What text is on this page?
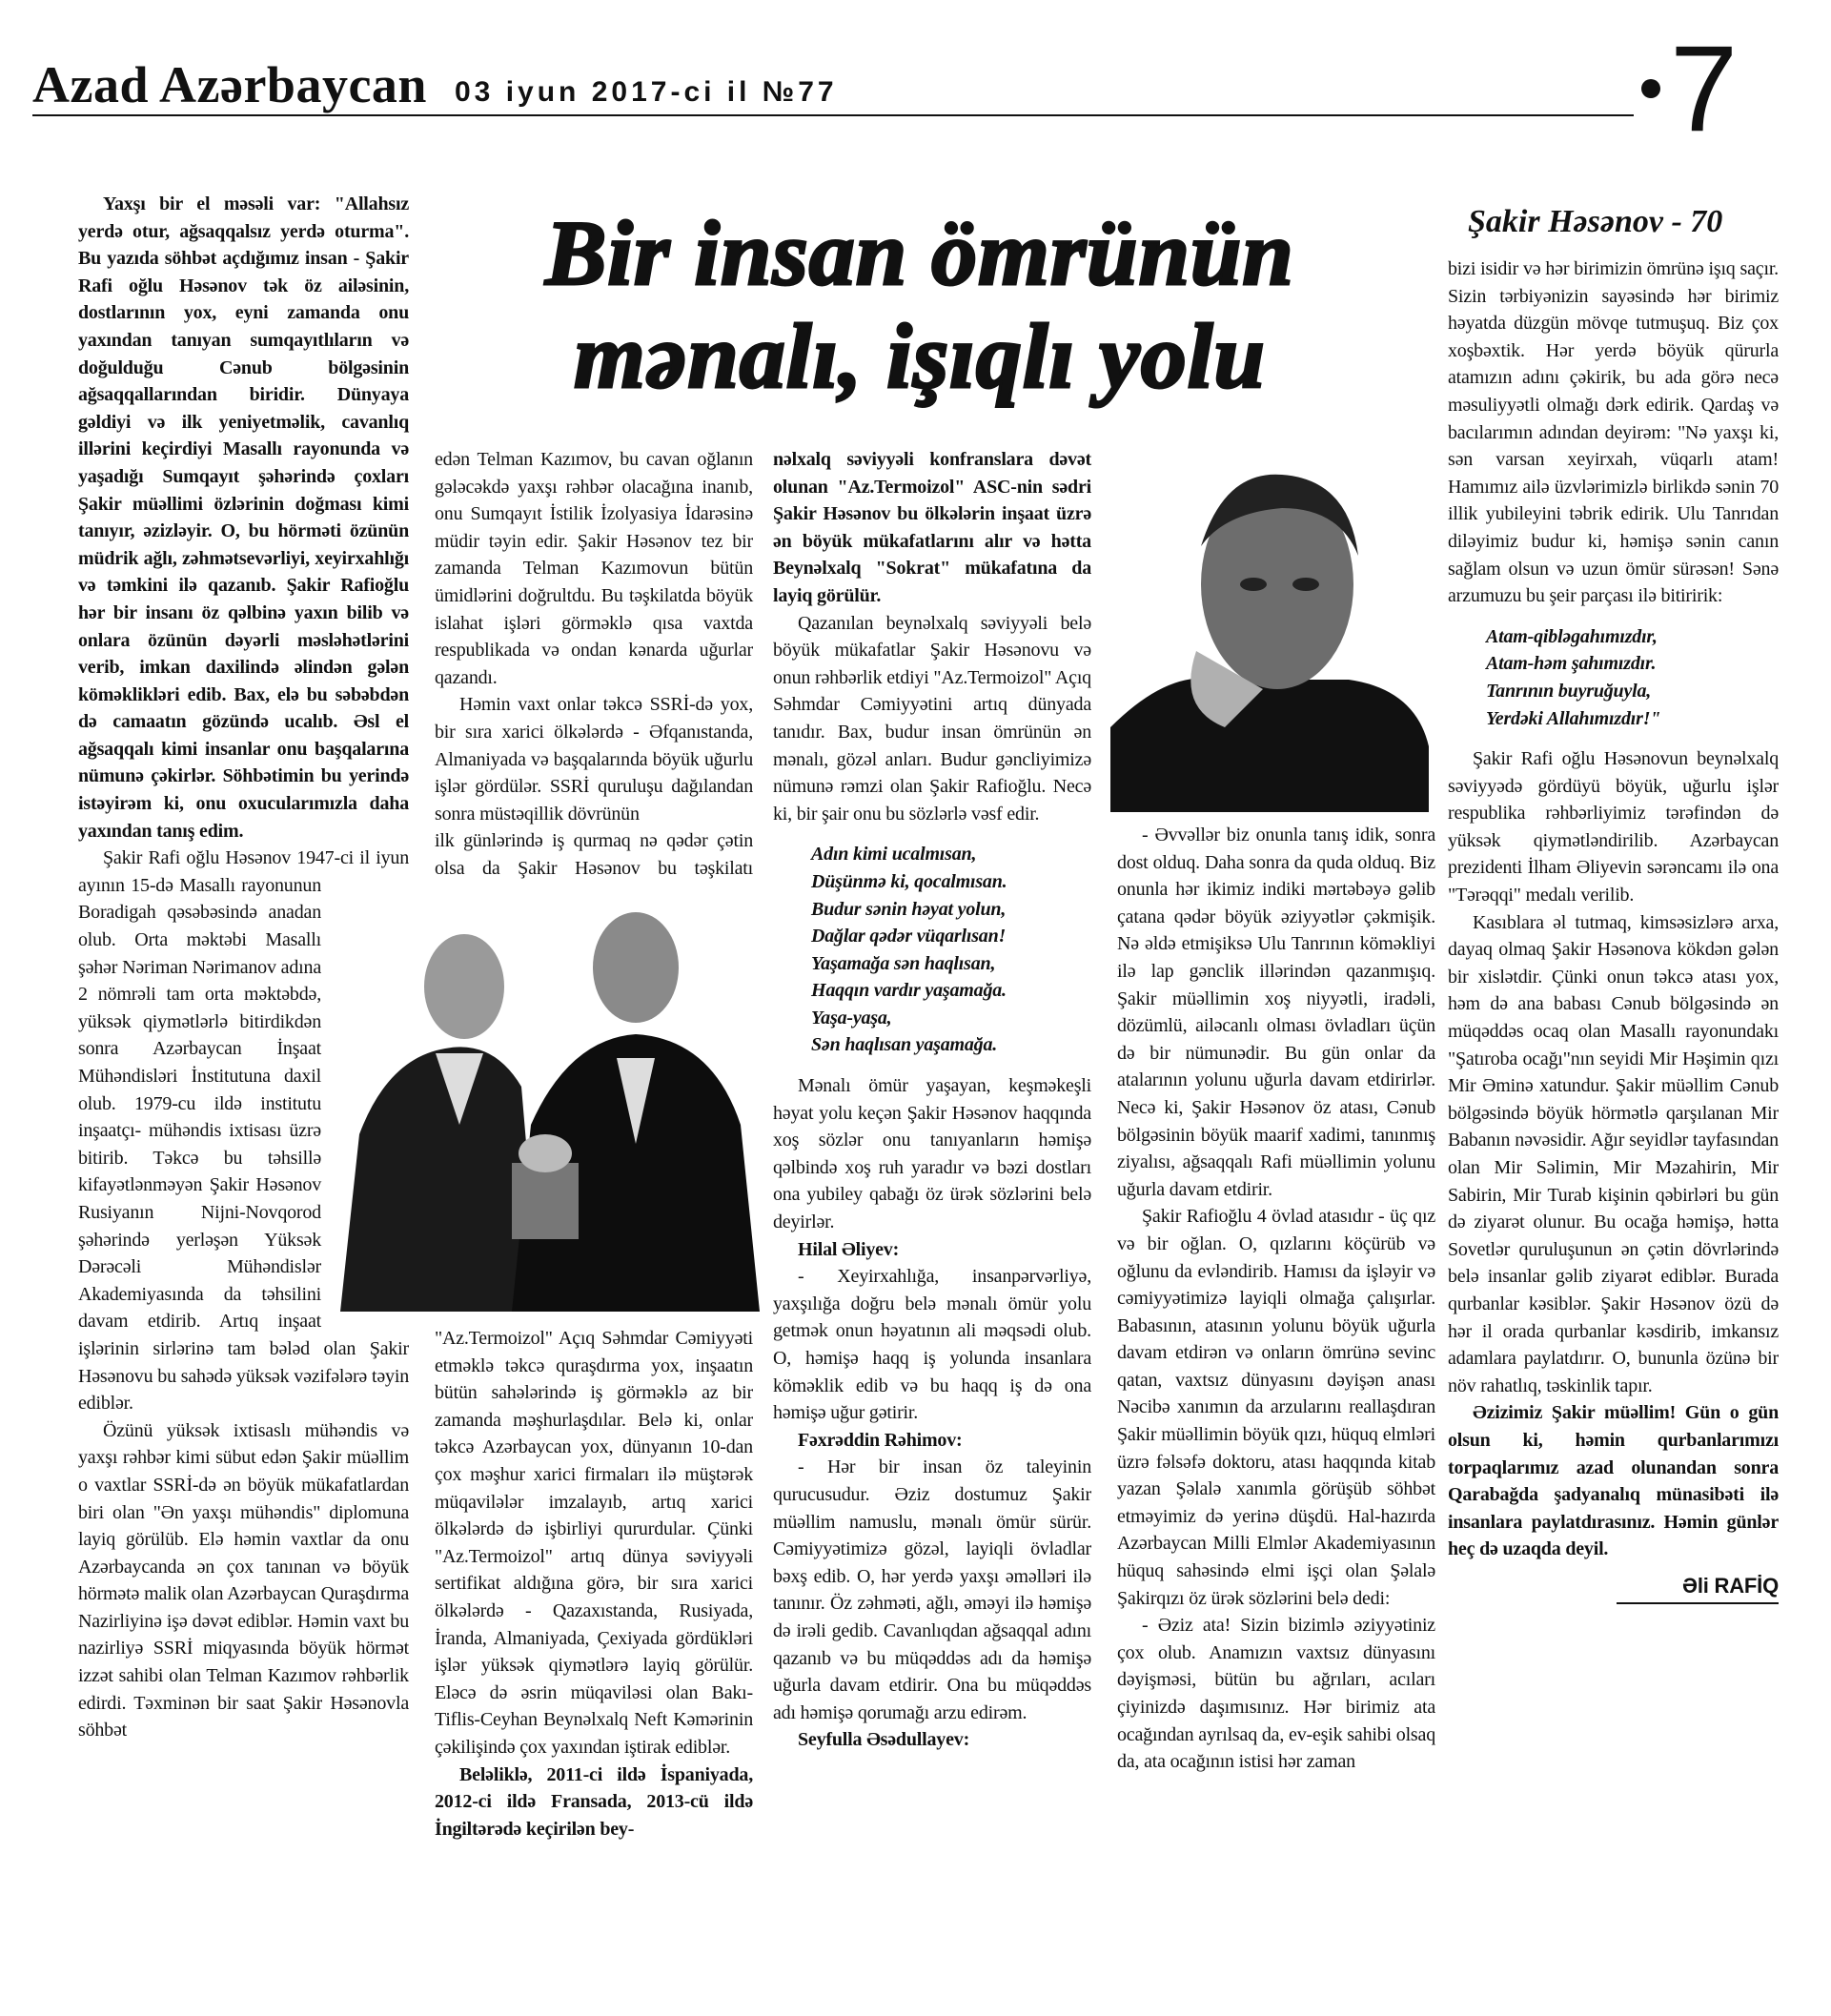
Azad Azərbaycan 03 iyun 2017-ci il №77	7
Bir insan ömrünün
mənalı, işıqlı yolu
Şakir Həsənov - 70

Yaxşı bir el məsəli var: "Allahsız yerdə otur, ağsaqqalsız yerdə oturma". Bu yazıda söhbət açdığımız insan - Şakir Rafi oğlu Həsənov tək öz ailəsinin, dostlarının yox, eyni zamanda onu yaxından tanıyan sumqayıtlıların və doğulduğu Cənub bölgəsinin ağsaqqallarından biridir. Dünyaya gəldiyi və ilk yeniyetməlik, cavanlıq illərini keçirdiyi Masallı rayonunda və yaşadığı Sumqayıt şəhərində çoxları Şakir müəllimi özlərinin doğması kimi tanıyır, əzizləyir. O, bu hörməti özünün müdrik ağlı, zəhmətsevərliyi, xeyirxahlığı və təmkini ilə qazanıb. Şakir Rafioğlu hər bir insanı öz qəlbinə yaxın bilib və onlara özünün dəyərli məsləhətlərini verib, imkan daxilində əlindən gələn köməklikləri edib. Bax, elə bu səbəbdən də camaatın gözündə ucalıb. Əsl el ağsaqqalı kimi insanlar onu başqalarına nümunə çəkirlər. Söhbətimin bu yerində istəyirəm ki, onu oxucularımızla daha yaxından tanış edim.

Şakir Rafi oğlu Həsənov 1947-ci il iyun ayının 15-də Masallı rayonunun Boradigah qəsəbəsində anadan olub. Orta məktəbi Masallı şəhər Nəriman Nərimanov adına 2 nömrəli tam orta məktəbdə, yüksək qiymətlərlə bitirdikdən sonra Azərbaycan İnşaat Mühəndisləri İnstitutuna daxil olub. 1979-cu ildə institutu inşaatçı- mühəndis ixtisası üzrə bitirib. Təkcə bu təhsillə kifayətlənməyən Şakir Həsənov Rusiyanın Nijni-Novqorod şəhərində yerləşən Yüksək Dərəcəli Mühəndislər Akademiyasında da təhsilini davam etdirib. Artıq inşaat işlərinin sirlərinə tam bələd olan Şakir Həsənovu bu sahədə yüksək vəzifələrə təyin ediblər.

Özünü yüksək ixtisaslı mühəndis və yaxşı rəhbər kimi sübut edən Şakir müəllim o vaxtlar SSRİ-də ən böyük mükafatlardan biri olan "Ən yaxşı mühəndis" diplomuna layiq görülüb. Elə həmin vaxtlar da onu Azərbaycanda ən çox tanınan və böyük hörmətə malik olan Azərbaycan Quraşdırma Nazirliyinə işə dəvət ediblər. Həmin vaxt bu nazirliyə SSRİ miqyasında böyük hörmət izzət sahibi olan Telman Kazımov rəhbərlik edirdi. Təxminən bir saat Şakir Həsənovla söhbət

edən Telman Kazımov, bu cavan oğlanın gələcəkdə yaxşı rəhbər olacağına inanıb, onu Sumqayıt İstilik İzolyasiya İdarəsinə müdir təyin edir. Şakir Həsənov tez bir zamanda Telman Kazımovun bütün ümidlərini doğrultdu. Bu təşkilatda böyük islahat işləri görməklə qısa vaxtda respublikada və ondan kənarda uğurlar qazandı.

Həmin vaxt onlar təkcə SSRİ-də yox, bir sıra xarici ölkələrdə - Əfqanıstanda, Almaniyada və başqalarında böyük uğurlu işlər gördülər. SSRİ quruluşu dağılandan sonra müstəqillik dövrünün

ilk günlərində iş qurmaq nə qədər çətin olsa da Şakir Həsənov bu təşkilatı "Az.Termoizol" Açıq Səhmdar Cəmiyyəti etməklə təkcə quraşdırma yox, inşaatın bütün sahələrində iş görməklə az bir zamanda məşhurlaşdılar. Belə ki, onlar təkcə Azərbaycan yox, dünyanın 10-dan çox məşhur xarici firmaları ilə müştərək müqavilələr imzalayıb, artıq xarici ölkələrdə də işbirliyi qururdular. Çünki "Az.Termoizol" artıq dünya səviyyəli sertifikat aldığına görə, bir sıra xarici ölkələrdə - Qazaxıstanda, Rusiyada, İranda, Almaniyada, Çexiyada gördükləri işlər yüksək qiymətlərə layiq görülür. Eləcə də əsrin müqaviləsi olan Bakı-Tiflis-Ceyhan Beynəlxalq Neft Kəmərinin çəkilişində çox yaxından iştirak ediblər.

Beləliklə, 2011-ci ildə İspaniyada, 2012-ci ildə Fransada, 2013-cü ildə İngiltərədə keçirilən bey-

nəlxalq səviyyəli konfranslara dəvət olunan "Az.Termoizol" ASC-nin sədri Şakir Həsənov bu ölkələrin inşaat üzrə ən böyük mükafatlarını alır və hətta Beynəlxalq "Sokrat" mükafatına da layiq görülür.

Qazanılan beynəlxalq səviyyəli belə böyük mükafatlar Şakir Həsənovu və onun rəhbərlik etdiyi "Az.Termoizol" Açıq Səhmdar Cəmiyyətini artıq dünyada tanıdır. Bax, budur insan ömrünün ən mənalı, gözəl anları. Budur gəncliyimizə nümunə rəmzi olan Şakir Rafioğlu. Necə ki, bir şair onu bu sözlərlə vəsf edir.

Adın kimi ucalmısan,
Düşünmə ki, qocalmısan.
Budur sənin həyat yolun,
Dağlar qədər vüqarlısan!
Yaşamağa sən haqlısan,
Haqqın vardır yaşamağa.
Yaşa-yaşa,
Sən haqlısan yaşamağa.

Mənalı ömür yaşayan, keşməkeşli həyat yolu keçən Şakir Həsənov haqqında xoş sözlər onu tanıyanların həmişə qəlbində xoş ruh yaradır və bəzi dostları ona yubiley qabağı öz ürək sözlərini belə deyirlər.

Hilal Əliyev:

- Xeyirxahlığa, insanpərvərliyə, yaxşılığa doğru belə mənalı ömür yolu getmək onun həyatının ali məqsədi olub. O, həmişə haqq iş yolunda insanlara köməklik edib və bu haqq iş də ona həmişə uğur gətirir.

Fəxrəddin Rəhimov:

- Hər bir insan öz taleyinin qurucusudur. Əziz dostumuz Şakir müəllim namuslu, mənalı ömür sürür. Cəmiyyətimizə gözəl, layiqli övladlar bəxş edib. O, hər yerdə yaxşı əməlləri ilə tanınır. Öz zəhməti, ağlı, əməyi ilə həmişə də irəli gedib. Cavanlıqdan ağsaqqal adını qazanıb və bu müqəddəs adı da həmişə uğurla davam etdirir. Ona bu müqəddəs adı həmişə qorumağı arzu edirəm.

Seyfulla Əsədullayev:

- Əvvəllər biz onunla tanış idik, sonra dost olduq. Daha sonra da quda olduq. Biz onunla hər ikimiz indiki mərtəbəyə gəlib çatana qədər böyük əziyyətlər çəkmişik. Nə əldə etmişiksə Ulu Tanrının köməkliyi ilə lap gənclik illərindən qazanmışıq. Şakir müəllimin xoş niyyətli, iradəli, dözümlü, ailəcanlı olması övladları üçün də bir nümunədir. Bu gün onlar da atalarının yolunu uğurla davam etdirirlər. Necə ki, Şakir Həsənov öz atası, Cənub bölgəsinin böyük maarif xadimi, tanınmış ziyalısı, ağsaqqalı Rafi müəllimin yolunu uğurla davam etdirir.

Şakir Rafioğlu 4 övlad atasıdır - üç qız və bir oğlan. O, qızlarını köçürüb və oğlunu da evləndirib. Hamısı da işləyir və cəmiyyətimizə layiqli olmağa çalışırlar. Babasının, atasının yolunu böyük uğurla davam etdirən və onların ömrünə sevinc qatan, vaxtsız dünyasını dəyişən anası Nəcibə xanımın da arzularını reallaşdıran Şakir müəllimin böyük qızı, hüquq elmləri üzrə fəlsəfə doktoru, atası haqqında kitab yazan Şəlalə xanımla görüşüb söhbət etməyimiz də yerinə düşdü. Hal-hazırda Azərbaycan Milli Elmlər Akademiyasının hüquq sahəsində elmi işçi olan Şəlalə Şakirqızı öz ürək sözlərini belə dedi:

- Əziz ata! Sizin bizimlə əziyyətiniz çox olub. Anamızın vaxtsız dünyasını dəyişməsi, bütün bu ağrıları, acıları çiyinizdə daşımısınız. Hər birimiz ata ocağından ayrılsaq da, ev-eşik sahibi olsaq da, ata ocağının istisi hər zaman

bizi isidir və hər birimizin ömrünə işıq saçır. Sizin tərbiyənizin sayəsində hər birimiz həyatda düzgün mövqe tutmuşuq. Biz çox xoşbəxtik. Hər yerdə böyük qürurla atamızın adını çəkirik, bu ada görə necə məsuliyyətli olmağı dərk edirik. Qardaş və bacılarımın adından deyirəm: "Nə yaxşı ki, sən varsan xeyirxah, vüqarlı atam! Hamımız ailə üzvlərimizlə birlikdə sənin 70 illik yubileyini təbrik edirik. Ulu Tanrıdan diləyimiz budur ki, həmişə sənin canın sağlam olsun və uzun ömür sürəsən! Sənə arzumuzu bu şeir parçası ilə bitiririk:

Atam-qibləgahımızdır,
Atam-həm şahımızdır.
Tanrının buyruğuyla,
Yerdəki Allahımızdır!"

Şakir Rafi oğlu Həsənovun beynəlxalq səviyyədə gördüyü böyük, uğurlu işlər respublika rəhbərliyimiz tərəfindən də yüksək qiymətləndirilib. Azərbaycan prezidenti İlham Əliyevin sərəncamı ilə ona "Tərəqqi" medalı verilib.

Kasıblara əl tutmaq, kimsəsizlərə arxa, dayaq olmaq Şakir Həsənova kökdən gələn bir xislətdir. Çünki onun təkcə atası yox, həm də ana babası Cənub bölgəsində ən müqəddəs ocaq olan Masallı rayonundakı "Şatıroba ocağı"nın seyidi Mir Həşimin qızı Mir Əminə xatundur. Şakir müəllim Cənub bölgəsində böyük hörmətlə qarşılanan Mir Babanın nəvəsidir. Ağır seyidlər tayfasından olan Mir Səlimin, Mir Məzahirin, Mir Sabirin, Mir Turab kişinin qəbirləri bu gün də ziyarət olunur. Bu ocağa həmişə, hətta Sovetlər quruluşunun ən çətin dövrlərində belə insanlar gəlib ziyarət ediblər. Burada qurbanlar kəsiblər. Şakir Həsənov özü də hər il orada qurbanlar kəsdirib, imkansız adamlara paylatdırır. O, bununla özünə bir növ rahatlıq, təskinlik tapır.

Əzizimiz Şakir müəllim! Gün o gün olsun ki, həmin qurbanlarımızı torpaqlarımız azad olunandan sonra Qarabağda şadyanalıq münasibəti ilə insanlara paylatdırasınız. Həmin günlər heç də uzaqda deyil.

Əli RAFİQ
